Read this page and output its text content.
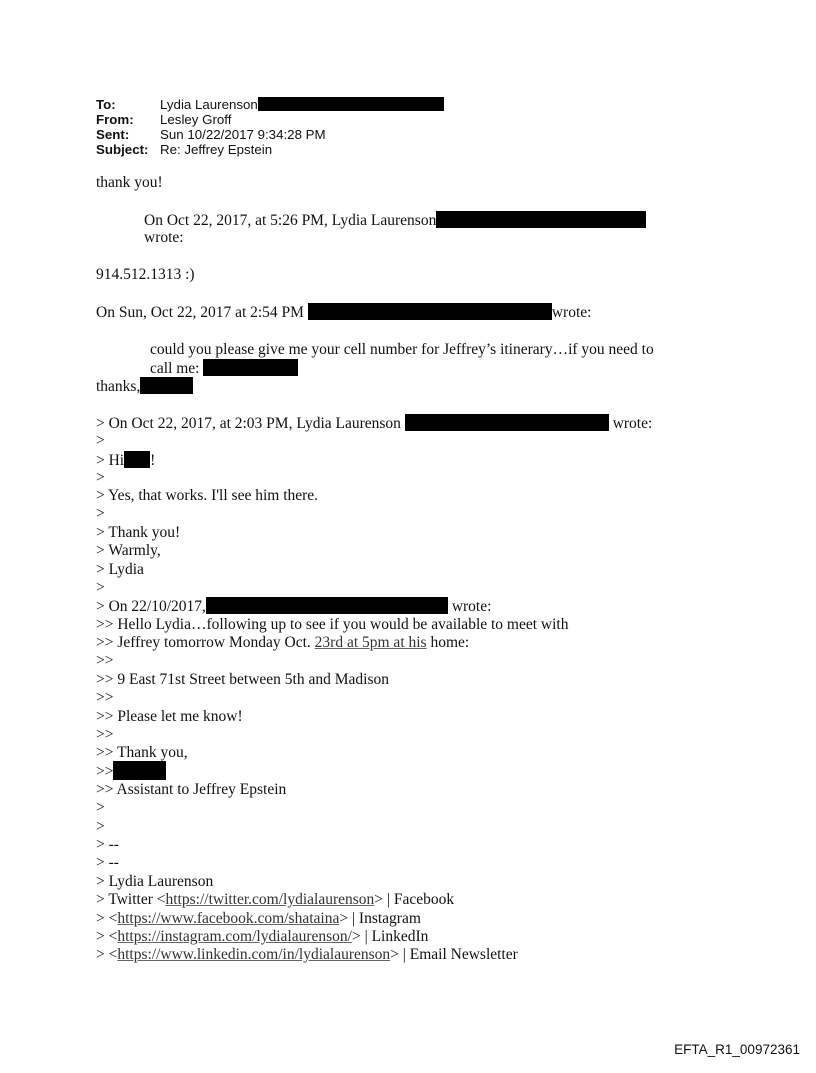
To:	Lydia Laurenson
From: Lesley Groff
Sent: Sun 10/22/2017 9:34:28 PM
Subject: Re: Jeffrey Epstein
thank you!
On Oct 22, 2017, at 5:26 PM, Lydia Laurenson
wrote:
914.512.1313 :)
On Sun, Oct 22, 2017 at 2:54 PM	wrote:
could you please give me your cell number for Jeffrey’s itinerary…if you need to
call me:
thanks,
> On Oct 22, 2017, at 2:03 PM, Lydia Laurenson	wrote:
>
> Hi !
>
> Yes, that works. I'll see him there.
>
> Thank you!
> Warmly,
> Lydia
>
> On 22/10/2017,	wrote:
>> Hello Lydia…following up to see if you would be available to meet with
>> Jeffrey tomorrow Monday Oct. 23rd at 5pm at his home:
>>
>> 9 East 71st Street between 5th and Madison
>>
>> Please let me know!
>>
>> Thank you,
>>
>> Assistant to Jeffrey Epstein
>
>
> --
> --
> Lydia Laurenson
> Twitter <https://twitter.com/lydialaurenson> | Facebook
> <https://www.facebook.com/shataina> | Instagram
> <https://instagram.com/lydialaurenson/> | LinkedIn
> <https://www.linkedin.com/in/lydialaurenson> | Email Newsletter
EFTA_R1_00972361
